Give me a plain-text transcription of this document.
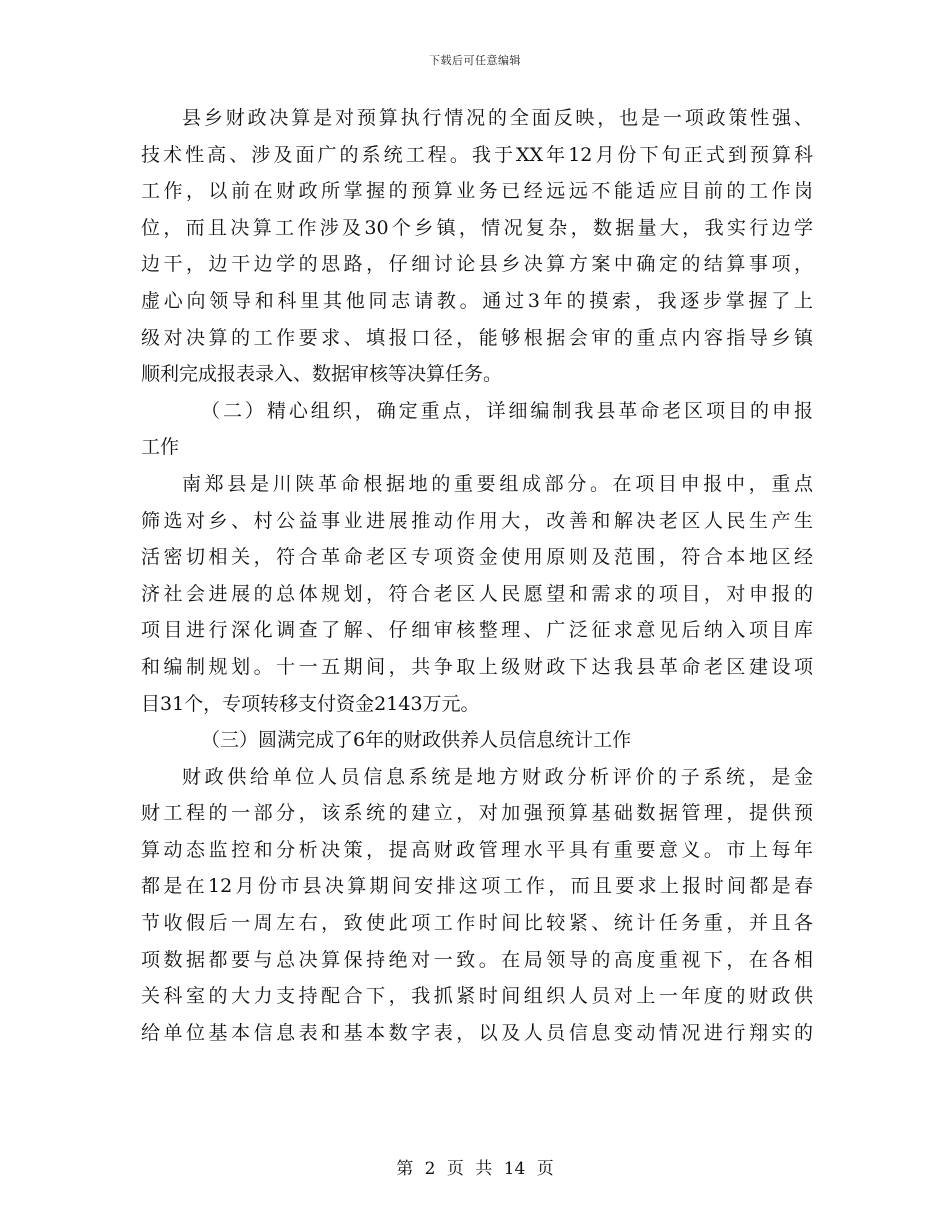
下载后可任意编辑
县乡财政决算是对预算执行情况的全面反映，也是一项政策性强、
技术性高、涉及面广的系统工程。我于XX年12月份下旬正式到预算科
工作，以前在财政所掌握的预算业务已经远远不能适应目前的工作岗
位，而且决算工作涉及30个乡镇，情况复杂，数据量大，我实行边学
边干，边干边学的思路，仔细讨论县乡决算方案中确定的结算事项，
虚心向领导和科里其他同志请教。通过3年的摸索，我逐步掌握了上
级对决算的工作要求、填报口径，能够根据会审的重点内容指导乡镇
顺利完成报表录入、数据审核等决算任务。
（二）精心组织，确定重点，详细编制我县革命老区项目的申报
工作
南郑县是川陕革命根据地的重要组成部分。在项目申报中，重点
筛选对乡、村公益事业进展推动作用大，改善和解决老区人民生产生
活密切相关，符合革命老区专项资金使用原则及范围，符合本地区经
济社会进展的总体规划，符合老区人民愿望和需求的项目，对申报的
项目进行深化调查了解、仔细审核整理、广泛征求意见后纳入项目库
和编制规划。十一五期间，共争取上级财政下达我县革命老区建设项
目31个，专项转移支付资金2143万元。
（三）圆满完成了6年的财政供养人员信息统计工作
财政供给单位人员信息系统是地方财政分析评价的子系统，是金
财工程的一部分，该系统的建立，对加强预算基础数据管理，提供预
算动态监控和分析决策，提高财政管理水平具有重要意义。市上每年
都是在12月份市县决算期间安排这项工作，而且要求上报时间都是春
节收假后一周左右，致使此项工作时间比较紧、统计任务重，并且各
项数据都要与总决算保持绝对一致。在局领导的高度重视下，在各相
关科室的大力支持配合下，我抓紧时间组织人员对上一年度的财政供
给单位基本信息表和基本数字表，以及人员信息变动情况进行翔实的
第 2 页 共 14 页
